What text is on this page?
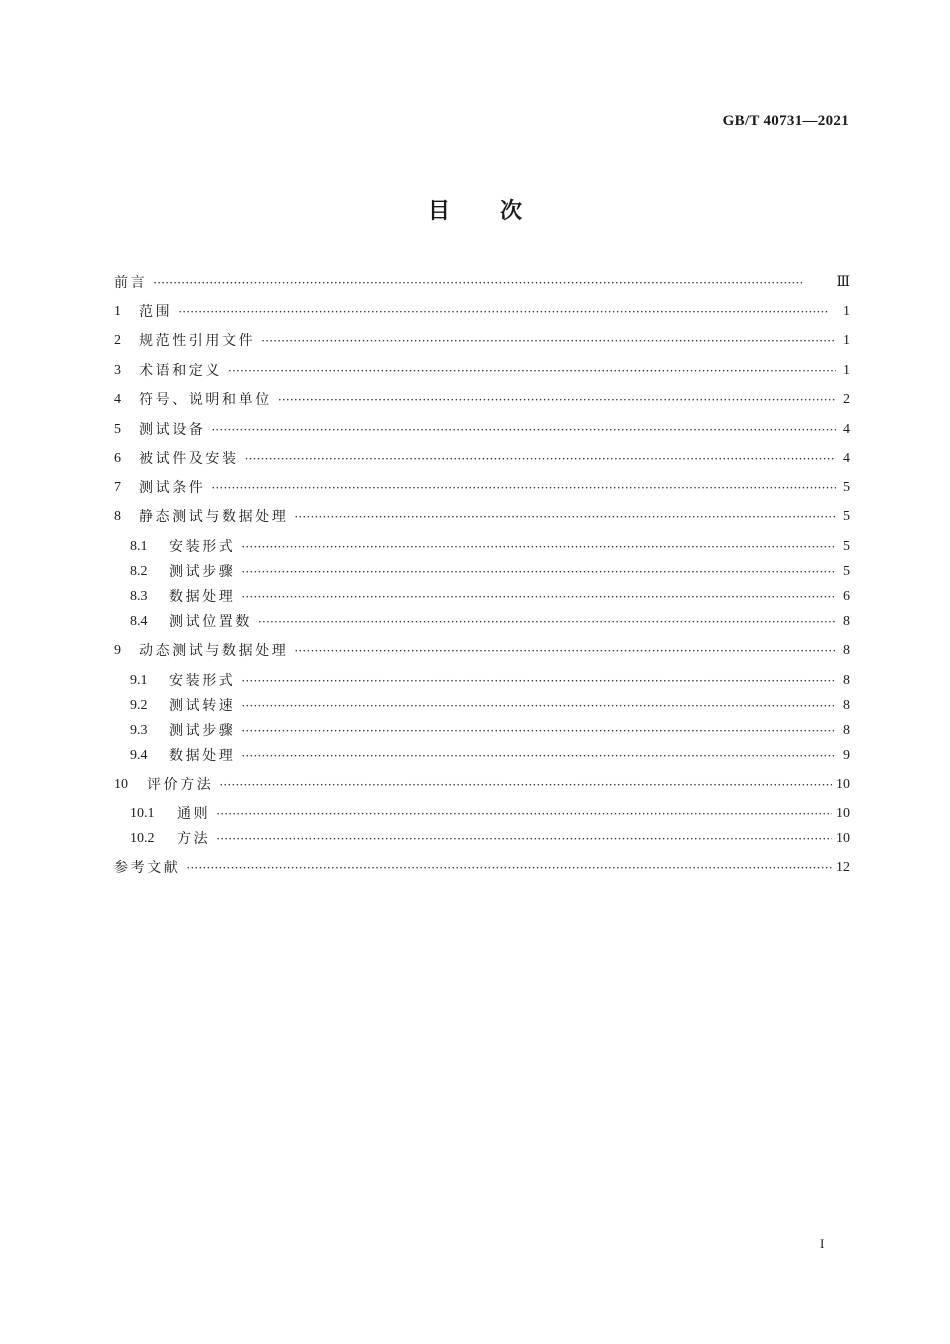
GB/T 40731—2021
目 次
前言 ·····	Ⅲ
1	范围 ·····	1
2	规范性引用文件 ·····	1
3	术语和定义 ·····	1
4	符号、说明和单位 ·····	2
5	测试设备 ·····	4
6	被试件及安装 ·····	4
7	测试条件 ·····	5
8	静态测试与数据处理 ·····	5
8.1	安装形式 ·····	5
8.2	测试步骤 ·····	5
8.3	数据处理 ·····	6
8.4	测试位置数 ·····	8
9	动态测试与数据处理 ·····	8
9.1	安装形式 ·····	8
9.2	测试转速 ·····	8
9.3	测试步骤 ·····	8
9.4	数据处理 ·····	9
10	评价方法 ·····	10
10.1	通则 ·····	10
10.2	方法 ·····	10
参考文献 ·····	12
I
